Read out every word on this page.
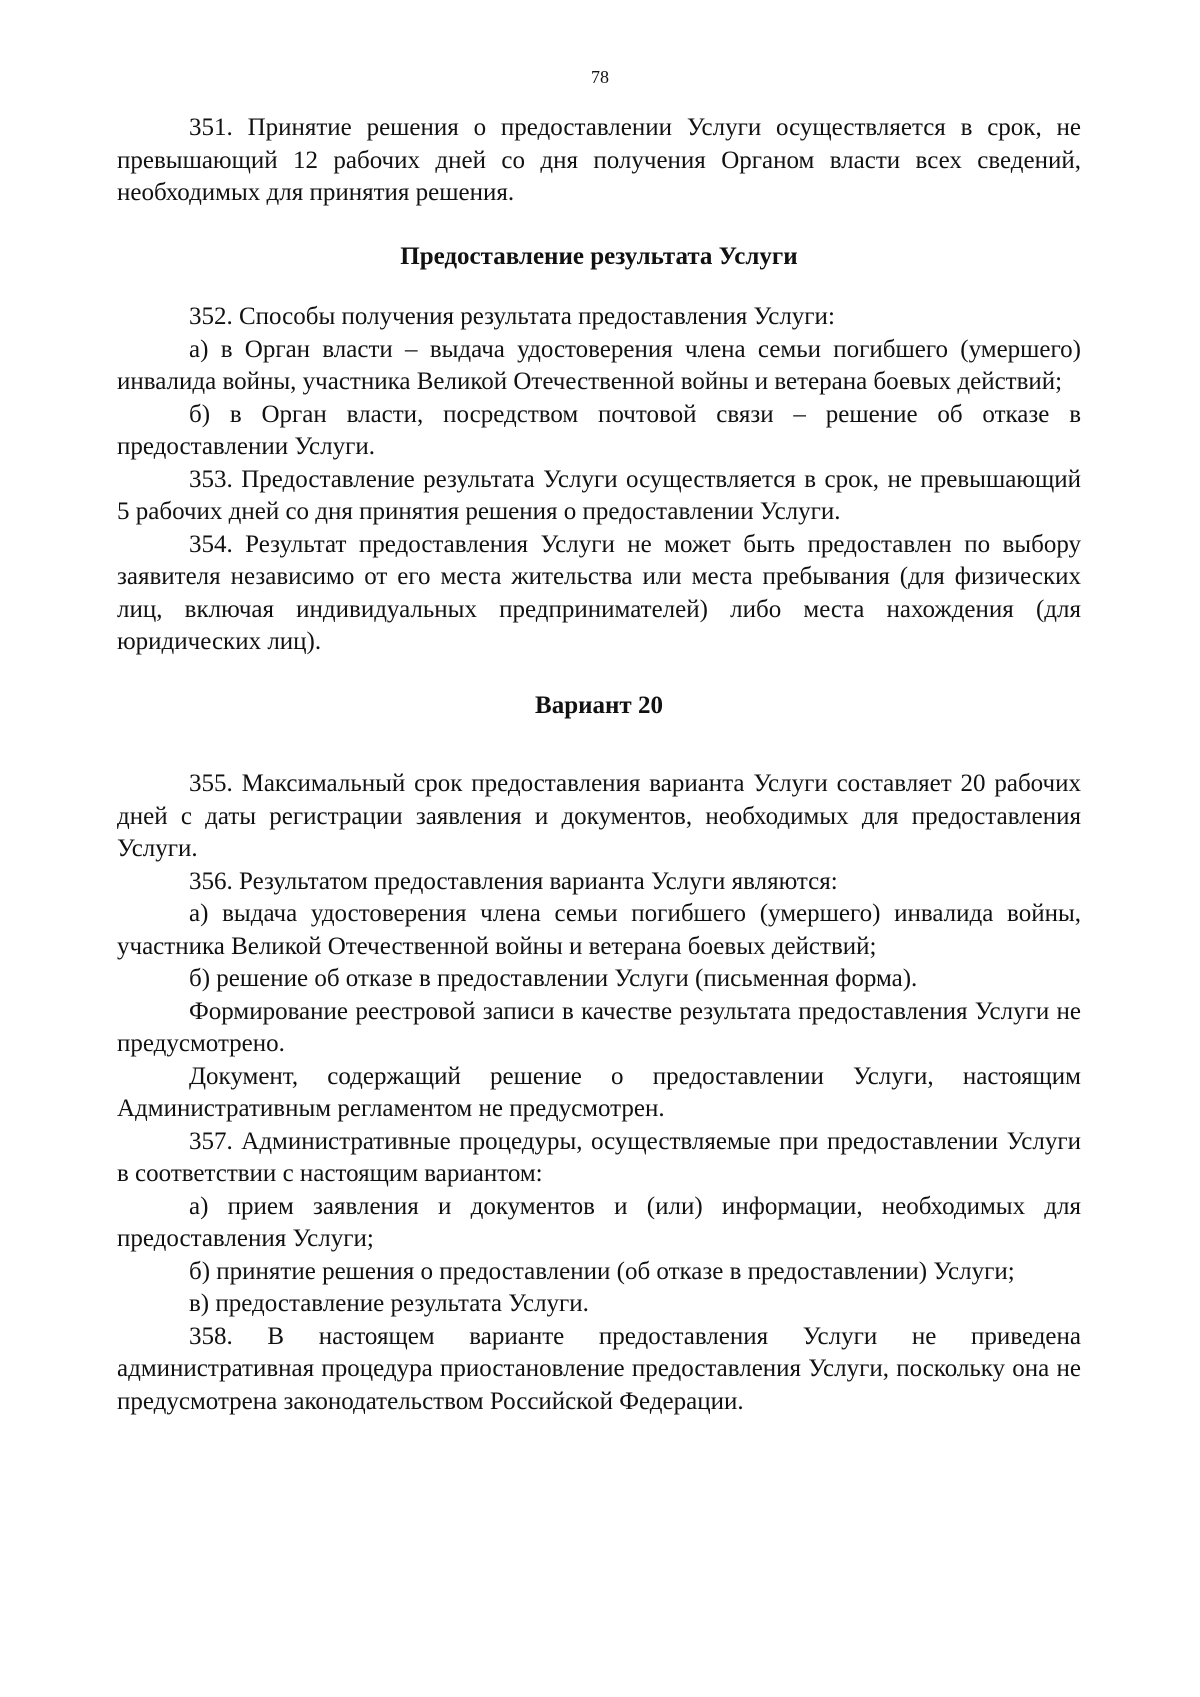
78

351. Принятие решения о предоставлении Услуги осуществляется в срок, не превышающий 12 рабочих дней со дня получения Органом власти всех сведений, необходимых для принятия решения.

Предоставление результата Услуги

352. Способы получения результата предоставления Услуги:

а) в Орган власти – выдача удостоверения члена семьи погибшего (умершего) инвалида войны, участника Великой Отечественной войны и ветерана боевых действий;

б) в Орган власти, посредством почтовой связи – решение об отказе в предоставлении Услуги.

353. Предоставление результата Услуги осуществляется в срок, не превышающий 5 рабочих дней со дня принятия решения о предоставлении Услуги.

354. Результат предоставления Услуги не может быть предоставлен по выбору заявителя независимо от его места жительства или места пребывания (для физических лиц, включая индивидуальных предпринимателей) либо места нахождения (для юридических лиц).

Вариант 20

355. Максимальный срок предоставления варианта Услуги составляет 20 рабочих дней с даты регистрации заявления и документов, необходимых для предоставления Услуги.

356. Результатом предоставления варианта Услуги являются:

а) выдача удостоверения члена семьи погибшего (умершего) инвалида войны, участника Великой Отечественной войны и ветерана боевых действий;

б) решение об отказе в предоставлении Услуги (письменная форма).

Формирование реестровой записи в качестве результата предоставления Услуги не предусмотрено.

Документ, содержащий решение о предоставлении Услуги, настоящим Административным регламентом не предусмотрен.

357. Административные процедуры, осуществляемые при предоставлении Услуги в соответствии с настоящим вариантом:

а) прием заявления и документов и (или) информации, необходимых для предоставления Услуги;

б) принятие решения о предоставлении (об отказе в предоставлении) Услуги;

в) предоставление результата Услуги.

358. В настоящем варианте предоставления Услуги не приведена административная процедура приостановление предоставления Услуги, поскольку она не предусмотрена законодательством Российской Федерации.
